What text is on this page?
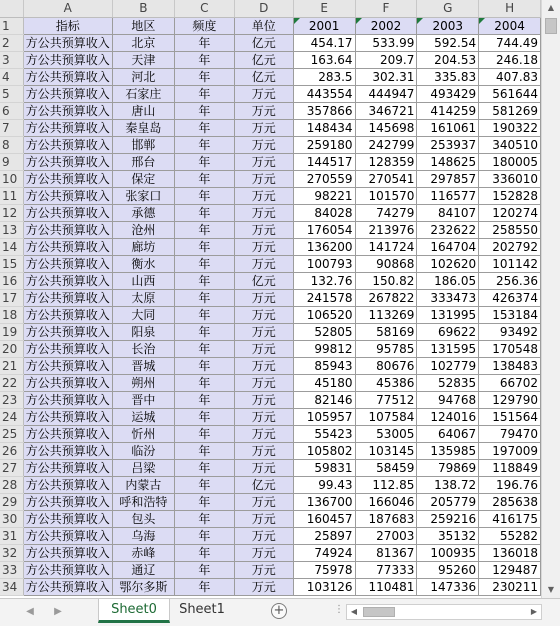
	A	B	C	D	E	F	G	H
1	指标	地区	频度	单位	2001	2002	2003	2004
2	方公共预算收入	北京	年	亿元	454.17	533.99	592.54	744.49
3	方公共预算收入	天津	年	亿元	163.64	209.7	204.53	246.18
4	方公共预算收入	河北	年	亿元	283.5	302.31	335.83	407.83
5	方公共预算收入	石家庄	年	万元	443554	444947	493429	561644
6	方公共预算收入	唐山	年	万元	357866	346721	414259	581269
7	方公共预算收入	秦皇岛	年	万元	148434	145698	161061	190322
8	方公共预算收入	邯郸	年	万元	259180	242799	253937	340510
9	方公共预算收入	邢台	年	万元	144517	128359	148625	180005
10	方公共预算收入	保定	年	万元	270559	270541	297857	336010
11	方公共预算收入	张家口	年	万元	98221	101570	116577	152828
12	方公共预算收入	承德	年	万元	84028	74279	84107	120274
13	方公共预算收入	沧州	年	万元	176054	213976	232622	258550
14	方公共预算收入	廊坊	年	万元	136200	141724	164704	202792
15	方公共预算收入	衡水	年	万元	100793	90868	102620	101142
16	方公共预算收入	山西	年	亿元	132.76	150.82	186.05	256.36
17	方公共预算收入	太原	年	万元	241578	267822	333473	426374
18	方公共预算收入	大同	年	万元	106520	113269	131995	153184
19	方公共预算收入	阳泉	年	万元	52805	58169	69622	93492
20	方公共预算收入	长治	年	万元	99812	95785	131595	170548
21	方公共预算收入	晋城	年	万元	85943	80676	102779	138483
22	方公共预算收入	朔州	年	万元	45180	45386	52835	66702
23	方公共预算收入	晋中	年	万元	82146	77512	94768	129790
24	方公共预算收入	运城	年	万元	105957	107584	124016	151564
25	方公共预算收入	忻州	年	万元	55423	53005	64067	79470
26	方公共预算收入	临汾	年	万元	105802	103145	135985	197009
27	方公共预算收入	吕梁	年	万元	59831	58459	79869	118849
28	方公共预算收入	内蒙古	年	亿元	99.43	112.85	138.72	196.76
29	方公共预算收入	呼和浩特	年	万元	136700	166046	205779	285638
30	方公共预算收入	包头	年	万元	160457	187683	259216	416175
31	方公共预算收入	乌海	年	万元	25897	27003	35132	55282
32	方公共预算收入	赤峰	年	万元	74924	81367	100935	136018
33	方公共预算收入	通辽	年	万元	75978	77333	95260	129487
34	方公共预算收入	鄂尔多斯	年	万元	103126	110481	147336	230211
▲
▼
◀ ▶	Sheet0	Sheet1	+	⋮ ◀	▶
